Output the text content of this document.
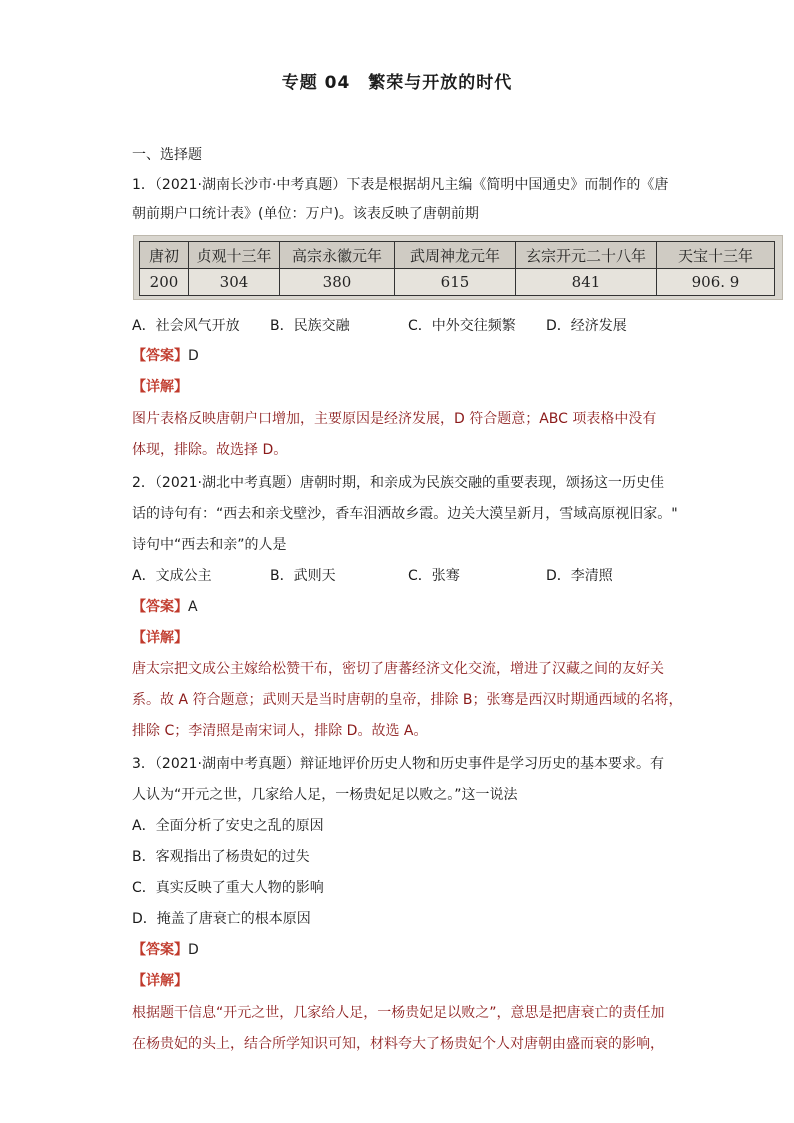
专题 04　繁荣与开放的时代
一、选择题
1．（2021·湖南长沙市·中考真题）下表是根据胡凡主编《简明中国通史》而制作的《唐
朝前期户口统计表》(单位：万户)。该表反映了唐朝前期
唐初	贞观十三年	高宗永徽元年	武周神龙元年	玄宗开元二十八年	天宝十三年
200	304	380	615	841	906. 9
A．社会风气开放 B．民族交融	C．中外交往频繁 D．经济发展
【答案】D
【详解】
图片表格反映唐朝户口增加，主要原因是经济发展，D 符合题意；ABC 项表格中没有
体现，排除。故选择 D。
2．（2021·湖北中考真题）唐朝时期，和亲成为民族交融的重要表现，颂扬这一历史佳
话的诗句有：“西去和亲戈壁沙，香车泪洒故乡霞。边关大漠呈新月，雪域高原视旧家。"
诗句中“西去和亲”的人是
A．文成公主	B．武则天	C．张骞	D．李清照
【答案】A
【详解】
唐太宗把文成公主嫁给松赞干布，密切了唐蕃经济文化交流，增进了汉藏之间的友好关
系。故 A 符合题意；武则天是当时唐朝的皇帝，排除 B；张骞是西汉时期通西域的名将，
排除 C；李清照是南宋词人，排除 D。故选 A。
3．（2021·湖南中考真题）辩证地评价历史人物和历史事件是学习历史的基本要求。有
人认为“开元之世，几家给人足，一杨贵妃足以败之。”这一说法
A．全面分析了安史之乱的原因
B．客观指出了杨贵妃的过失
C．真实反映了重大人物的影响
D．掩盖了唐衰亡的根本原因
【答案】D
【详解】
根据题干信息“开元之世，几家给人足，一杨贵妃足以败之”，意思是把唐衰亡的责任加
在杨贵妃的头上，结合所学知识可知，材料夸大了杨贵妃个人对唐朝由盛而衰的影响，
